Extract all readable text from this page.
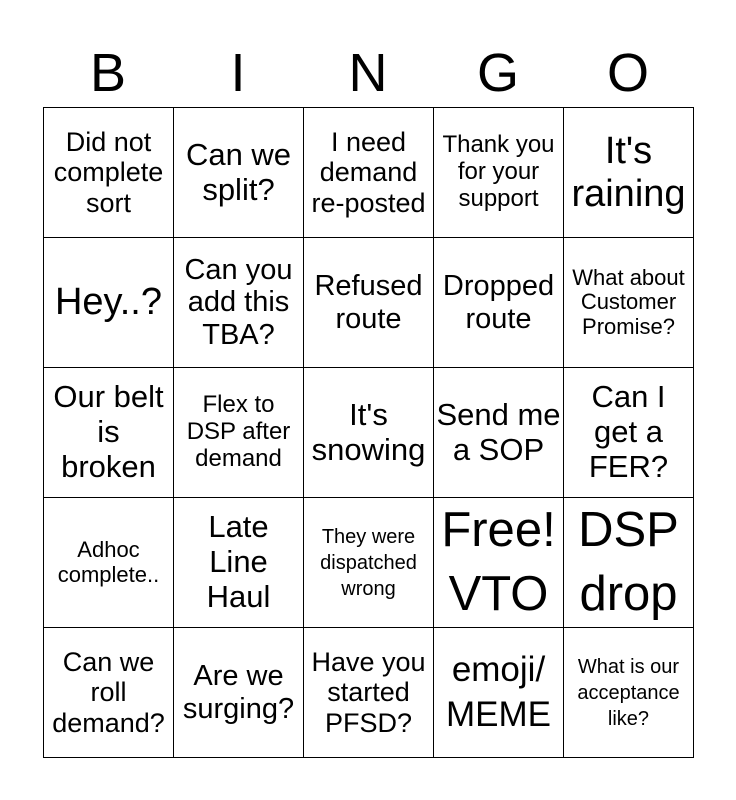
B	I	N	G	O
Did not complete sort	Can we split?	I need demand re-posted	Thank you for your support	It's raining
Hey..?	Can you add this TBA?	Refused route	Dropped route	What about Customer Promise?
Our belt is broken	Flex to DSP after demand	It's snowing	Send me a SOP	Can I get a FER?
Adhoc complete..	Late Line Haul	They were dispatched wrong	Free! VTO	DSP drop
Can we roll demand?	Are we surging?	Have you started PFSD?	emoji/ MEME	What is our acceptance like?
